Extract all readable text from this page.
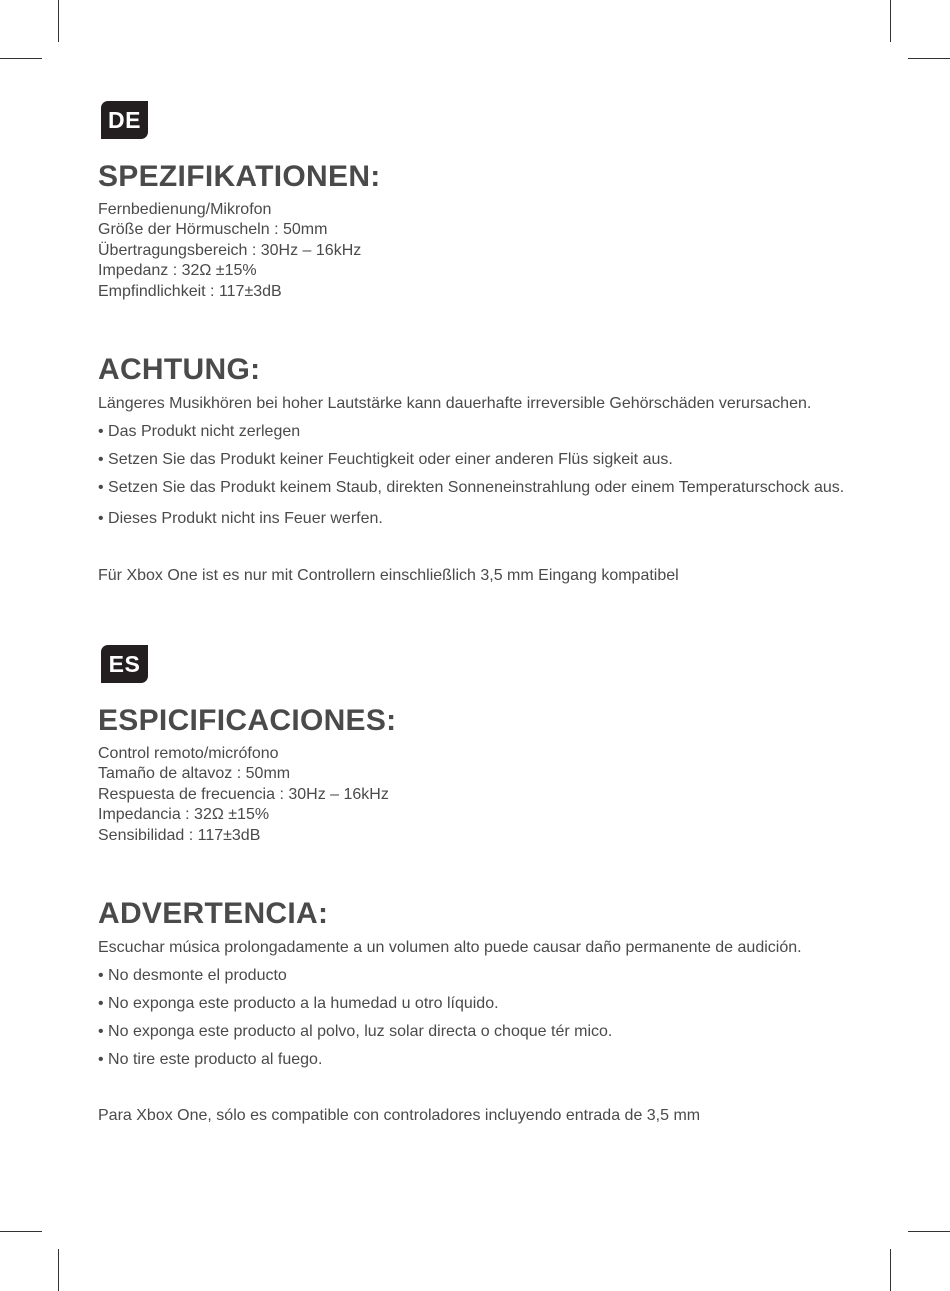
DE
SPEZIFIKATIONEN:
Fernbedienung/Mikrofon
Größe der Hörmuscheln : 50mm
Übertragungsbereich : 30Hz – 16kHz
Impedanz : 32Ω ±15%
Empfindlichkeit : 117±3dB
ACHTUNG:

Längeres Musikhören bei hoher Lautstärke kann dauerhafte irreversible Gehörschäden verursachen.

• Das Produkt nicht zerlegen

• Setzen Sie das Produkt keiner Feuchtigkeit oder einer anderen Flüs sigkeit aus.

• Setzen Sie das Produkt keinem Staub, direkten Sonneneinstrahlung oder einem Temperaturschock aus.

• Dieses Produkt nicht ins Feuer werfen.

Für Xbox One ist es nur mit Controllern einschließlich 3,5 mm Eingang kompatibel

ES
ESPICIFICACIONES:
Control remoto/micrófono
Tamaño de altavoz : 50mm
Respuesta de frecuencia : 30Hz – 16kHz
Impedancia : 32Ω ±15%
Sensibilidad : 117±3dB
ADVERTENCIA:

Escuchar música prolongadamente a un volumen alto puede causar daño permanente de audición.

• No desmonte el producto

• No exponga este producto a la humedad u otro líquido.

• No exponga este producto al polvo, luz solar directa o choque tér mico.

• No tire este producto al fuego.

Para Xbox One, sólo es compatible con controladores incluyendo entrada de 3,5 mm
